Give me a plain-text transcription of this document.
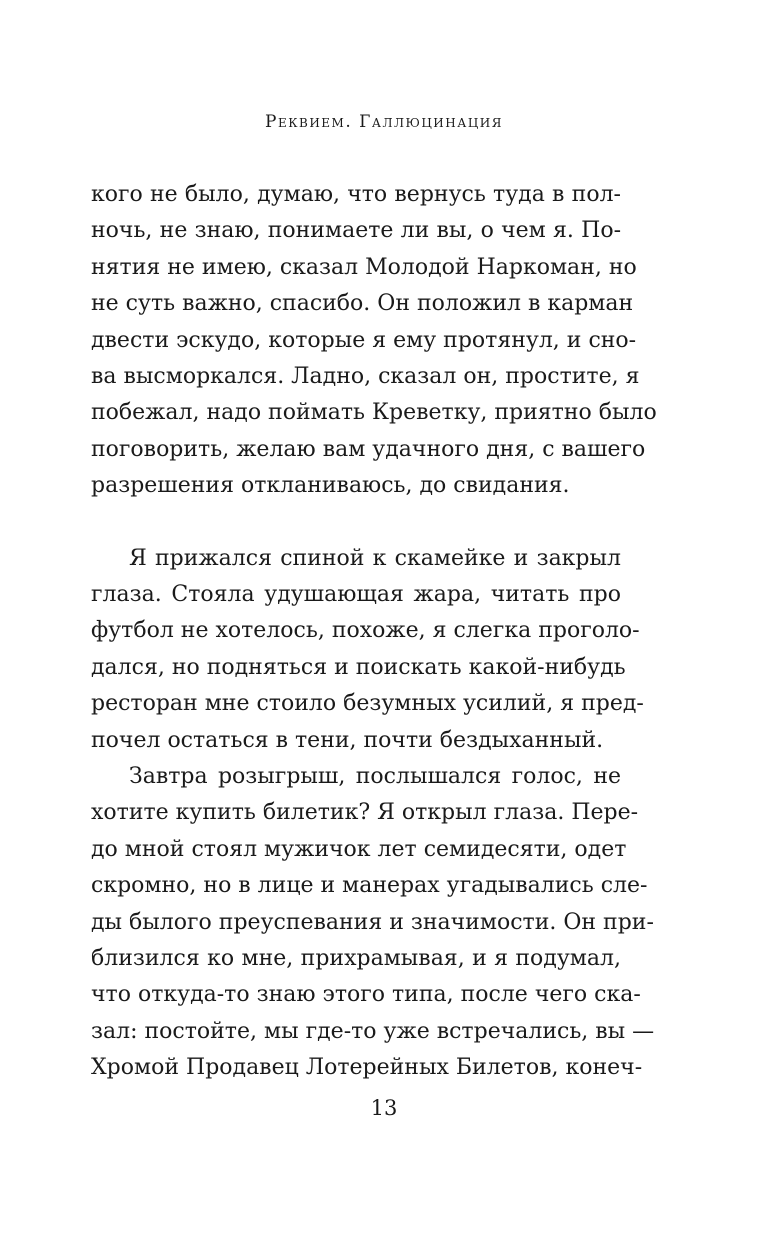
Реквием. Галлюцинация
кого не было, думаю, что вернусь туда в пол-
ночь, не знаю, понимаете ли вы, о чем я. По-
нятия не имею, сказал Молодой Наркоман, но
не суть важно, спасибо. Он положил в карман
двести эскудо, которые я ему протянул, и сно-
ва высморкался. Ладно, сказал он, простите, я
побежал, надо поймать Креветку, приятно было
поговорить, желаю вам удачного дня, с вашего
разрешения откланиваюсь, до свидания.
Я прижался спиной к скамейке и закрыл
глаза. Стояла удушающая жара, читать про
футбол не хотелось, похоже, я слегка проголо-
дался, но подняться и поискать какой-нибудь
ресторан мне стоило безумных усилий, я пред-
почел остаться в тени, почти бездыханный.
Завтра розыгрыш, послышался голос, не
хотите купить билетик? Я открыл глаза. Пере-
до мной стоял мужичок лет семидесяти, одет
скромно, но в лице и манерах угадывались сле-
ды былого преуспевания и значимости. Он при-
близился ко мне, прихрамывая, и я подумал,
что откуда-то знаю этого типа, после чего ска-
зал: постойте, мы где-то уже встречались, вы —
Хромой Продавец Лотерейных Билетов, конеч-
13
